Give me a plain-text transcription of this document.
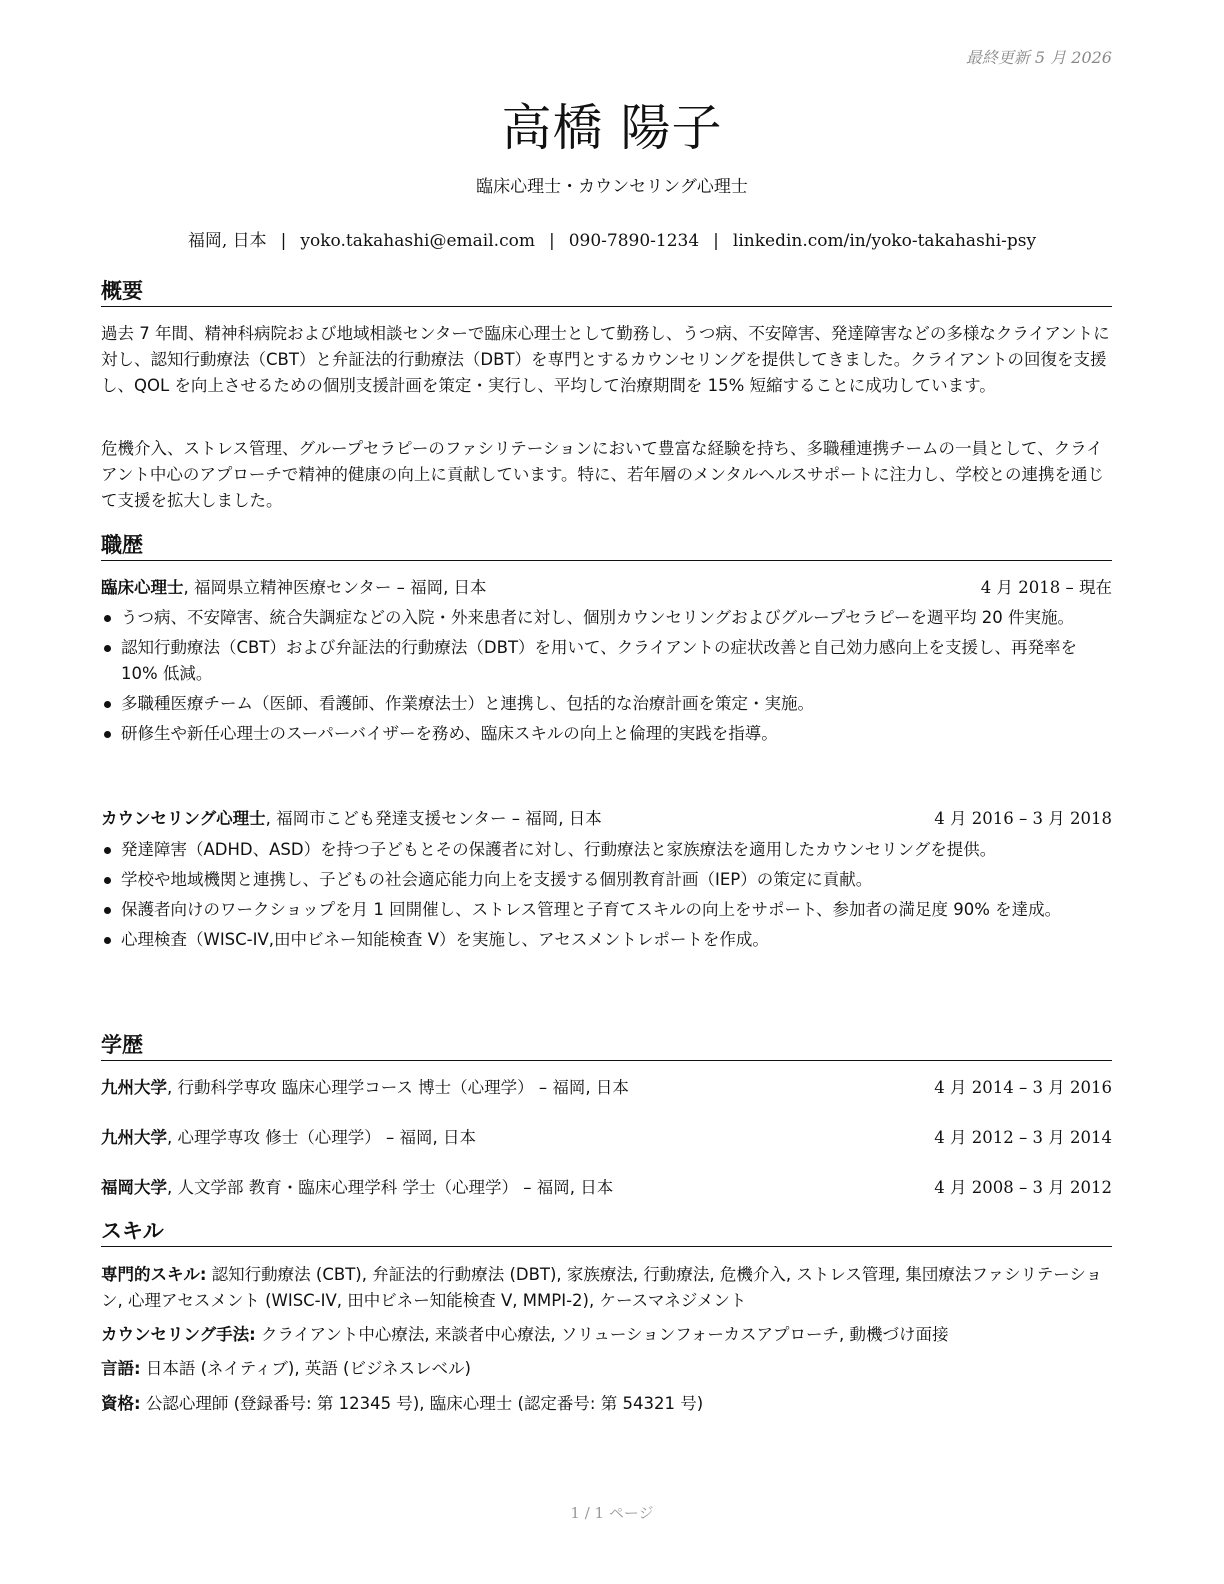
最終更新 5 月 2026
高橋 陽子
臨床心理士・カウンセリング心理士
福岡, 日本 | yoko.takahashi@email.com | 090-7890-1234 | linkedin.com/in/yoko-takahashi-psy
概要
過去 7 年間、精神科病院および地域相談センターで臨床心理士として勤務し、うつ病、不安障害、発達障害などの多様なクライアントに対し、認知行動療法（CBT）と弁証法的行動療法（DBT）を専門とするカウンセリングを提供してきました。クライアントの回復を支援し、QOL を向上させるための個別支援計画を策定・実行し、平均して治療期間を 15% 短縮することに成功しています。
危機介入、ストレス管理、グループセラピーのファシリテーションにおいて豊富な経験を持ち、多職種連携チームの一員として、クライアント中心のアプローチで精神的健康の向上に貢献しています。特に、若年層のメンタルヘルスサポートに注力し、学校との連携を通じて支援を拡大しました。
職歴
臨床心理士, 福岡県立精神医療センター – 福岡, 日本	4 月 2018 – 現在
うつ病、不安障害、統合失調症などの入院・外来患者に対し、個別カウンセリングおよびグループセラピーを週平均 20 件実施。
認知行動療法（CBT）および弁証法的行動療法（DBT）を用いて、クライアントの症状改善と自己効力感向上を支援し、再発率を 10% 低減。
多職種医療チーム（医師、看護師、作業療法士）と連携し、包括的な治療計画を策定・実施。
研修生や新任心理士のスーパーバイザーを務め、臨床スキルの向上と倫理的実践を指導。
カウンセリング心理士, 福岡市こども発達支援センター – 福岡, 日本	4 月 2016 – 3 月 2018
発達障害（ADHD、ASD）を持つ子どもとその保護者に対し、行動療法と家族療法を適用したカウンセリングを提供。
学校や地域機関と連携し、子どもの社会適応能力向上を支援する個別教育計画（IEP）の策定に貢献。
保護者向けのワークショップを月 1 回開催し、ストレス管理と子育てスキルの向上をサポート、参加者の満足度 90% を達成。
心理検査（WISC-IV,田中ビネー知能検査 V）を実施し、アセスメントレポートを作成。
学歴
九州大学, 行動科学専攻 臨床心理学コース 博士（心理学） – 福岡, 日本	4 月 2014 – 3 月 2016
九州大学, 心理学専攻 修士（心理学） – 福岡, 日本	4 月 2012 – 3 月 2014
福岡大学, 人文学部 教育・臨床心理学科 学士（心理学） – 福岡, 日本	4 月 2008 – 3 月 2012
スキル
専門的スキル: 認知行動療法 (CBT), 弁証法的行動療法 (DBT), 家族療法, 行動療法, 危機介入, ストレス管理, 集団療法ファシリテーション, 心理アセスメント (WISC-IV, 田中ビネー知能検査 V, MMPI-2), ケースマネジメント
カウンセリング手法: クライアント中心療法, 来談者中心療法, ソリューションフォーカスアプローチ, 動機づけ面接
言語: 日本語 (ネイティブ), 英語 (ビジネスレベル)
資格: 公認心理師 (登録番号: 第 12345 号), 臨床心理士 (認定番号: 第 54321 号)
1 / 1 ページ
